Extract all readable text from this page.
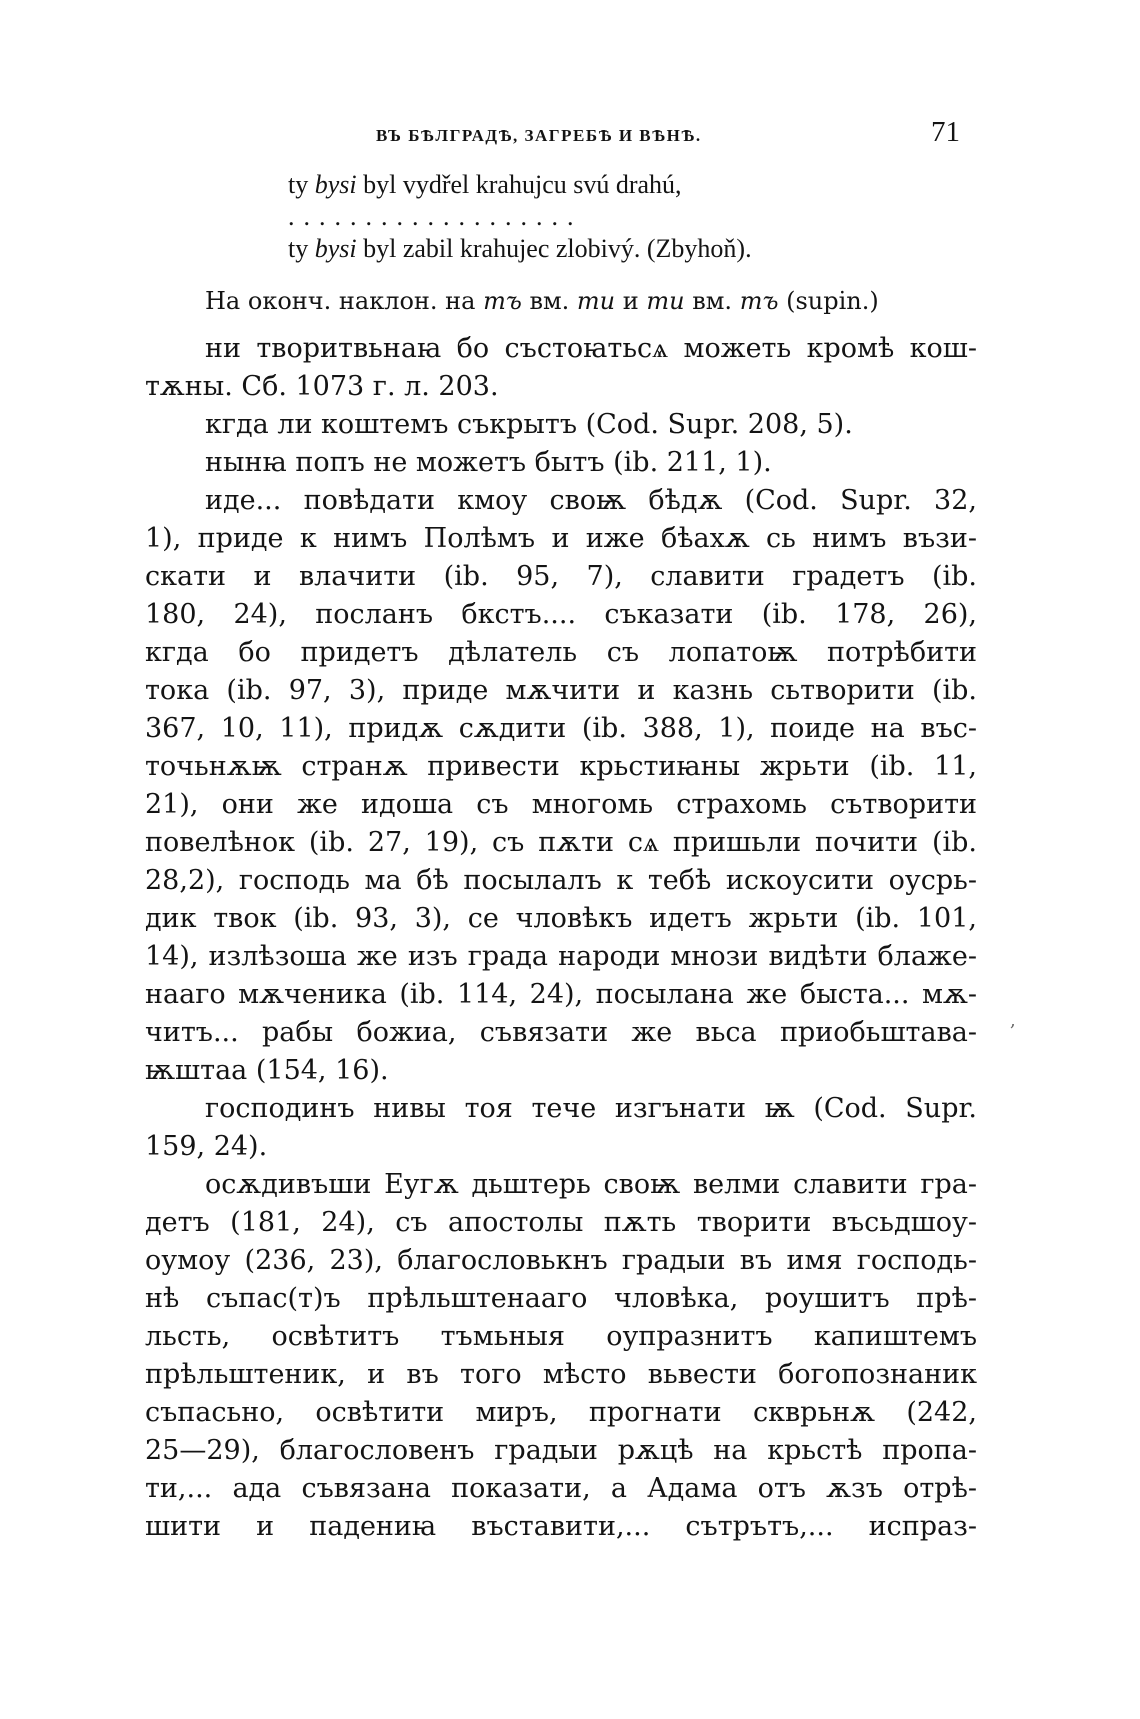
ВЪ БѢЛГРАДѢ, ЗАГРЕБѢ И ВѢНѢ.	71
ty bysi byl vydřel krahujcu svú drahú,
...................
ty bysi byl zabil krahujec zlobivý. (Zbyhoň).
На оконч. наклон. на тъ вм. ти и ти вм. тъ (supin.)
ни творитвьнаꙗ бо състоꙗтьсѧ можеть кромѣ кош-
тѫны. Сб. 1073 г. л. 203.
кгда ли коштемъ съкрытъ (Cod. Supr. 208, 5).
нынꙗ попъ не можетъ бытъ (ib. 211, 1).
иде... повѣдати кмоу своѭ бѣдѫ (Cod. Supr. 32,
1), приде к нимъ Полѣмъ и иже бѣахѫ сь нимъ възи-
скати и влачити (ib. 95, 7), славити градетъ (ib.
180, 24), посланъ бкстъ.... съказати (ib. 178, 26),
кгда бо придетъ дѣлатель съ лопатоѭ потрѣбити
тока (ib. 97, 3), приде мѫчити и казнь сьтворити (ib.
367, 10, 11), придѫ сѫдити (ib. 388, 1), поиде на въс-
точьнѫѭ странѫ привести крьстиꙗны жрьти (ib. 11,
21), они же идоша съ многомь страхомь сътворити
повелѣнок (ib. 27, 19), съ пѫти сѧ пришьли почити (ib.
28,2), господь ма бѣ посылалъ к тебѣ искоусити оусрь-
дик твок (ib. 93, 3), се чловѣкъ идетъ жрьти (ib. 101,
14), излѣзоша же изъ града народи мнози видѣти блаже-
нааго мѫченика (ib. 114, 24), посылана же быста... мѫ-
читъ... рабы божиа, съвязати же вьса приобьштава-
ѭштаа (154, 16).
господинъ нивы тоя тече изгънати ѭ (Cod. Supr.
159, 24).
осѫдивъши Еугѫ дьштерь своѭ велми славити гра-
детъ (181, 24), съ апостолы пѫть творити въсьдшоу-
оумоу (236, 23), благословькнъ градыи въ имя господь-
нѣ съпас(т)ъ прѣльштенааго чловѣка, роушитъ прѣ-
льсть, освѣтитъ тъмьныя оупразнитъ капиштемъ
прѣльштеник, и въ того мѣсто вьвести богопознаник
съпасьно, освѣтити миръ, прогнати скврьнѫ (242,
25—29), благословенъ градыи рѫцѣ на крьстѣ пропа-
ти,... ада съвязана показати, а Адама отъ ѫзъ отрѣ-
шити и падениꙗ въставити,... сътрътъ,... испраз-
,
